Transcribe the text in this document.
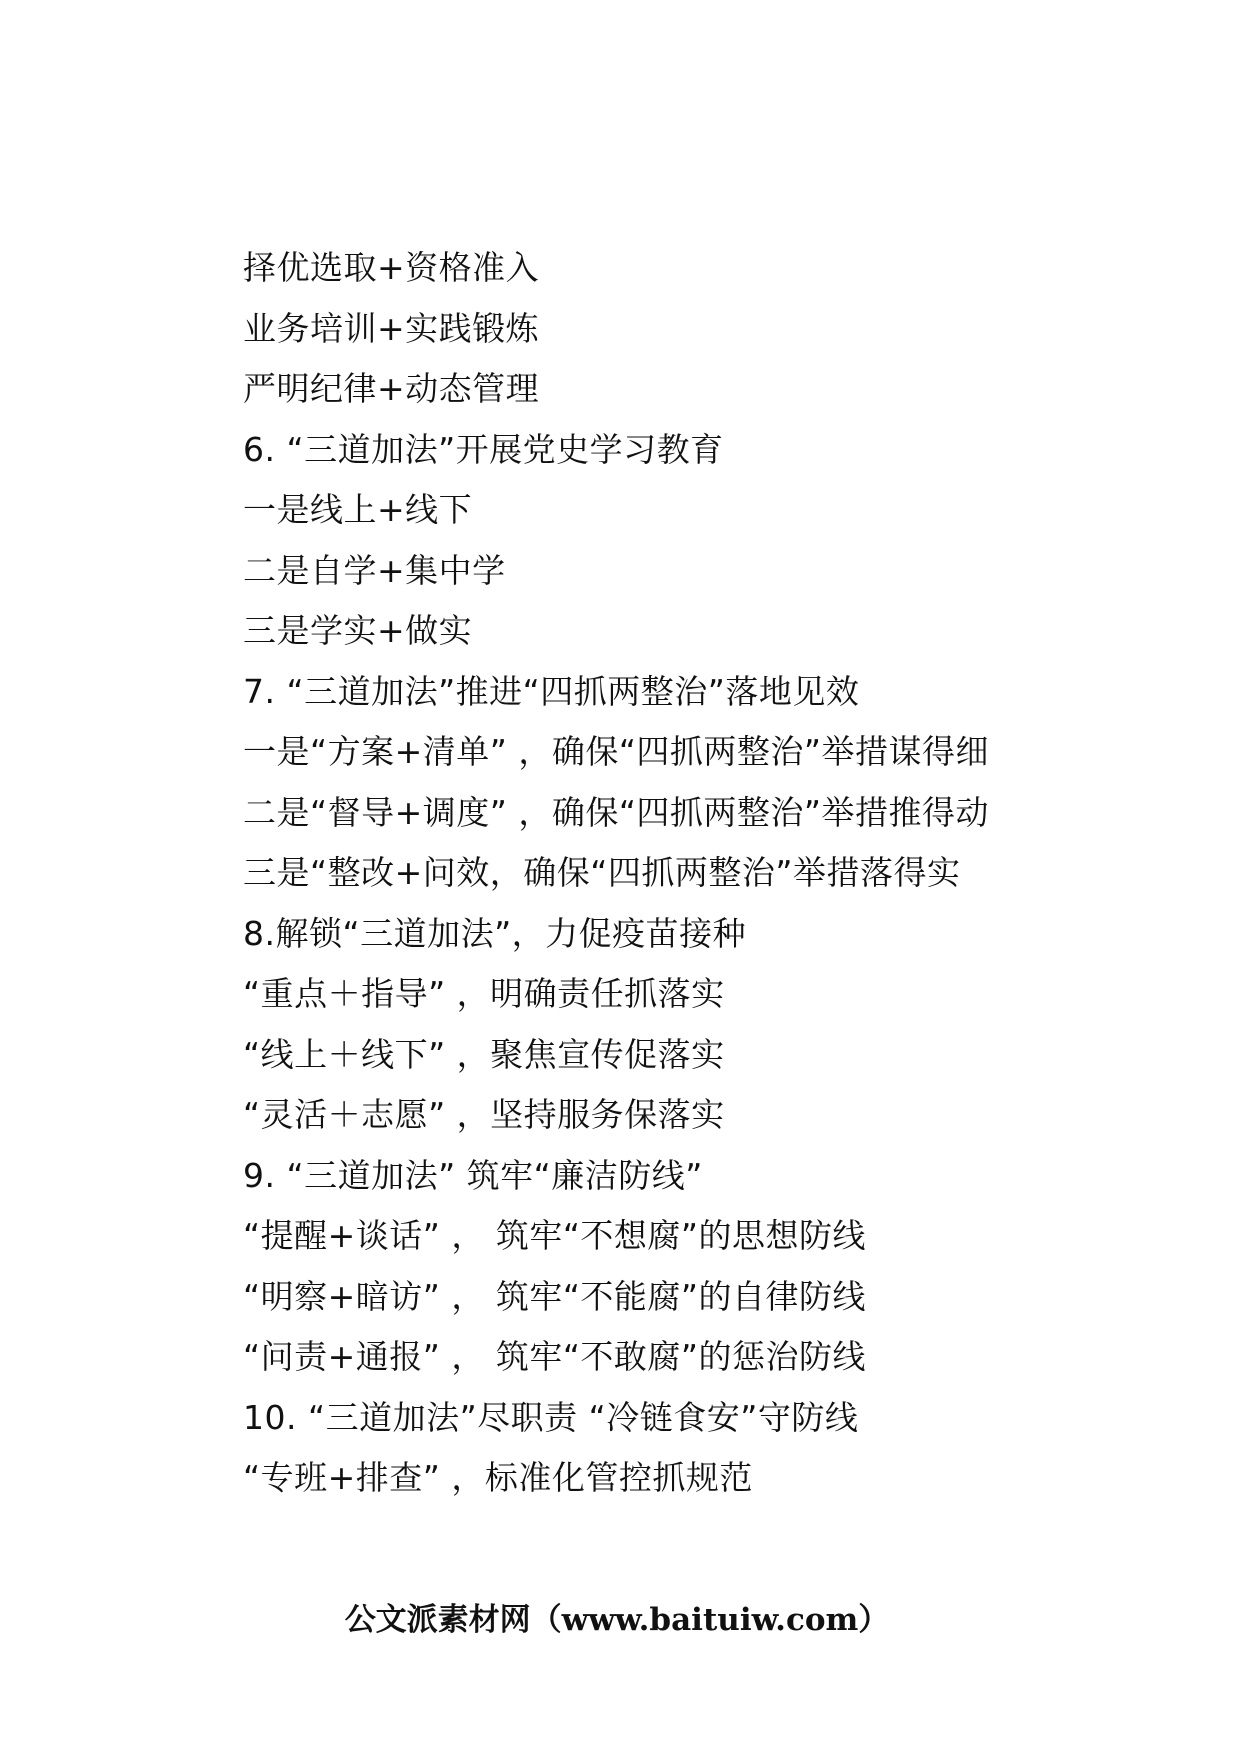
择优选取+资格准入
业务培训+实践锻炼
严明纪律+动态管理
6. “三道加法”开展党史学习教育
一是线上+线下
二是自学+集中学
三是学实+做实
7. “三道加法”推进“四抓两整治”落地见效
一是“方案+清单” ，确保“四抓两整治”举措谋得细
二是“督导+调度” ，确保“四抓两整治”举措推得动
三是“整改+问效，确保“四抓两整治”举措落得实
8.解锁“三道加法”，力促疫苗接种
“重点＋指导” ，明确责任抓落实
“线上＋线下” ，聚焦宣传促落实
“灵活＋志愿” ，坚持服务保落实
9. “三道加法” 筑牢“廉洁防线”
“提醒+谈话” ， 筑牢“不想腐”的思想防线
“明察+暗访” ， 筑牢“不能腐”的自律防线
“问责+通报” ， 筑牢“不敢腐”的惩治防线
10. “三道加法”尽职责 “冷链食安”守防线
“专班+排查” ，标准化管控抓规范
公文派素材网（www.baituiw.com）
